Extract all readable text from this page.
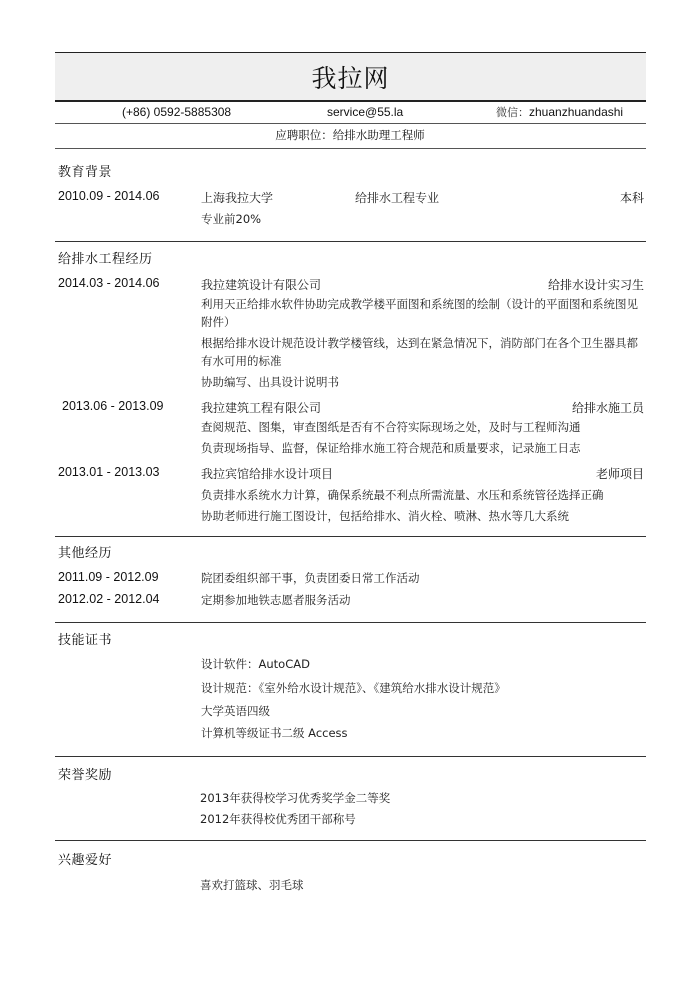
我拉网
(+86) 0592-5885308	service@55.la	微信：zhuanzhuandashi
应聘职位：给排水助理工程师
教育背景
2010.09 - 2014.06	上海我拉大学	给排水工程专业	本科
专业前20%
给排水工程经历
2014.03 - 2014.06	我拉建筑设计有限公司	给排水设计实习生
利用天正给排水软件协助完成教学楼平面图和系统图的绘制（设计的平面图和系统图见附件）
根据给排水设计规范设计教学楼管线，达到在紧急情况下，消防部门在各个卫生器具都有水可用的标准
协助编写、出具设计说明书
2013.06 - 2013.09	我拉建筑工程有限公司	给排水施工员
查阅规范、图集，审查图纸是否有不合符实际现场之处，及时与工程师沟通
负责现场指导、监督，保证给排水施工符合规范和质量要求，记录施工日志
2013.01 - 2013.03	我拉宾馆给排水设计项目	老师项目
负责排水系统水力计算，确保系统最不利点所需流量、水压和系统管径选择正确
协助老师进行施工图设计，包括给排水、消火栓、喷淋、热水等几大系统
其他经历
2011.09 - 2012.09	院团委组织部干事，负责团委日常工作活动
2012.02 - 2012.04	定期参加地铁志愿者服务活动
技能证书
设计软件：AutoCAD
设计规范：《室外给水设计规范》、《建筑给水排水设计规范》
大学英语四级
计算机等级证书二级 Access
荣誉奖励
2013年获得校学习优秀奖学金二等奖
2012年获得校优秀团干部称号
兴趣爱好
喜欢打篮球、羽毛球
